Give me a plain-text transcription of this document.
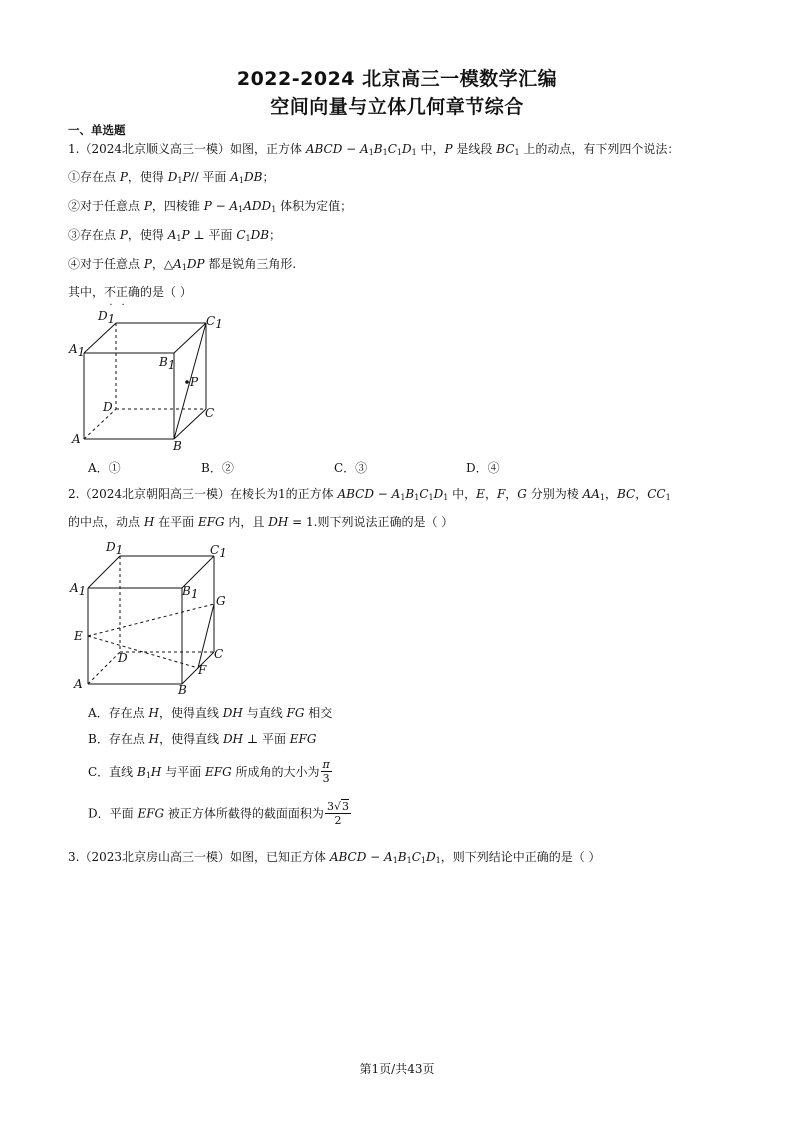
2022-2024 北京高三一模数学汇编
空间向量与立体几何章节综合
一、单选题
1.（2024北京顺义高三一模）如图，正方体 ABCD − $A_1B_1C_1D_1$ 中，P 是线段 $BC_1$ 上的动点，有下列四个说法：
①存在点 P，使得 $D_1P//$ 平面 $A_1DB$；
②对于任意点 P，四棱锥 $P - A_1ADD_1$ 体积为定值；
③存在点 P，使得 $A_1P$ ⊥ 平面 $C_1DB$；
④对于任意点 P，$\triangle A_1DP$ 都是锐角三角形.
其中，不正确的是（ ）
D1	C1
A1
B1
P
D	C
A	B
A．①	B．②	C．③	D．④
2.（2024北京朝阳高三一模）在棱长为1的正方体 ABCD − $A_1B_1C_1D_1$ 中，E，F，G 分别为棱 $AA_1$，BC，$CC_1$
的中点，动点 H 在平面 EFG 内，且 DH = 1.则下列说法正确的是（ ）
D1	C1
A1	B1 G
E
D	C
F
A	B
A．存在点 H，使得直线 DH 与直线 FG 相交
B．存在点 H，使得直线 DH ⊥ 平面 EFG
C．直线 $B_1H$ 与平面 EFG 所成角的大小为 $\frac{\pi}{3}$
D．平面 EFG 被正方体所截得的截面面积为 $\frac{3√3}{2}$
3.（2023北京房山高三一模）如图，已知正方体 ABCD − $A_1B_1C_1D_1$，则下列结论中正确的是（ ）
第1页/共43页
